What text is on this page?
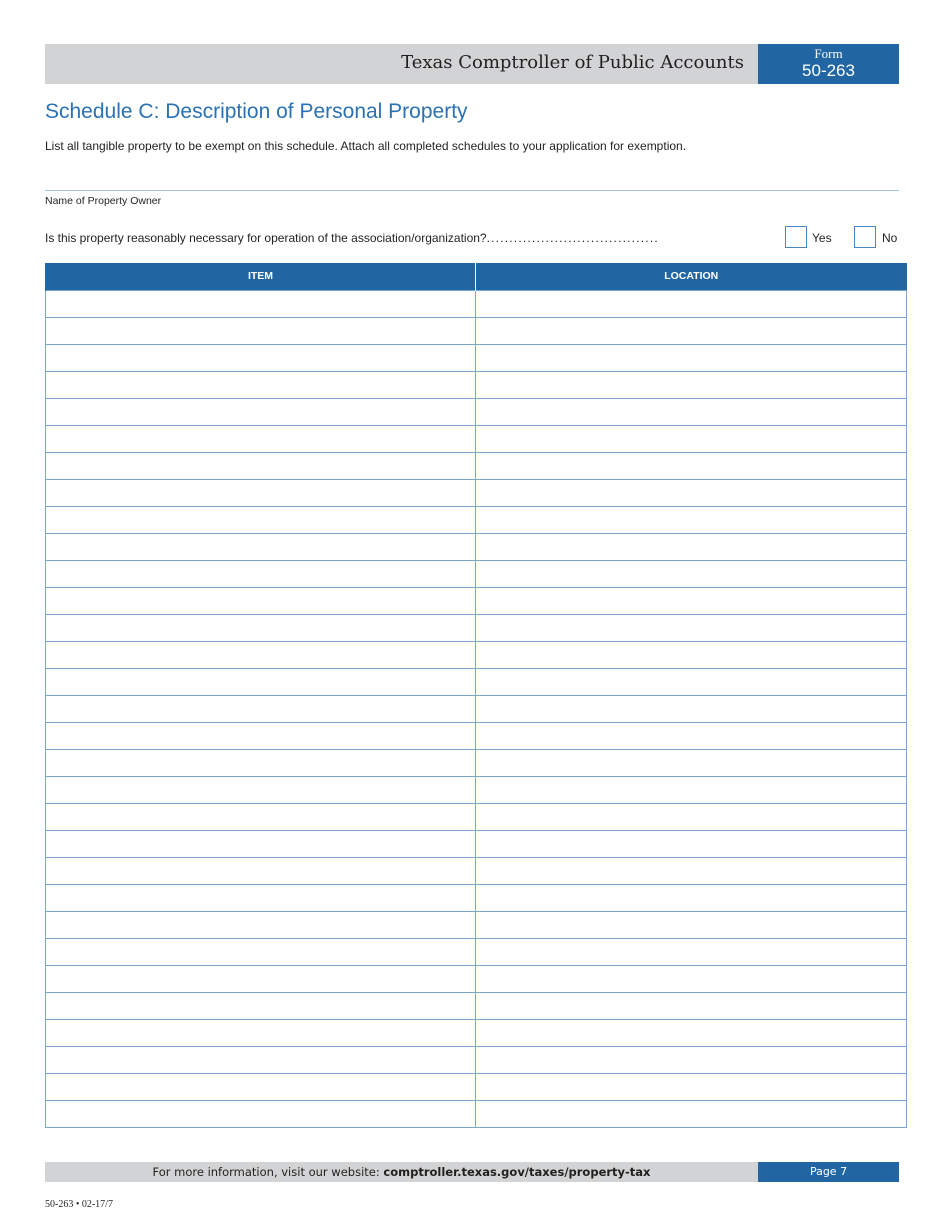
Texas Comptroller of Public Accounts	Form
50-263
Schedule C: Description of Personal Property
List all tangible property to be exempt on this schedule. Attach all completed schedules to your application for exemption.
Name of Property Owner
Is this property reasonably necessary for operation of the association/organization?......................................	Yes	No
ITEM	LOCATION

For more information, visit our website: comptroller.texas.gov/taxes/property-tax	Page 7
50-263 • 02-17/7
